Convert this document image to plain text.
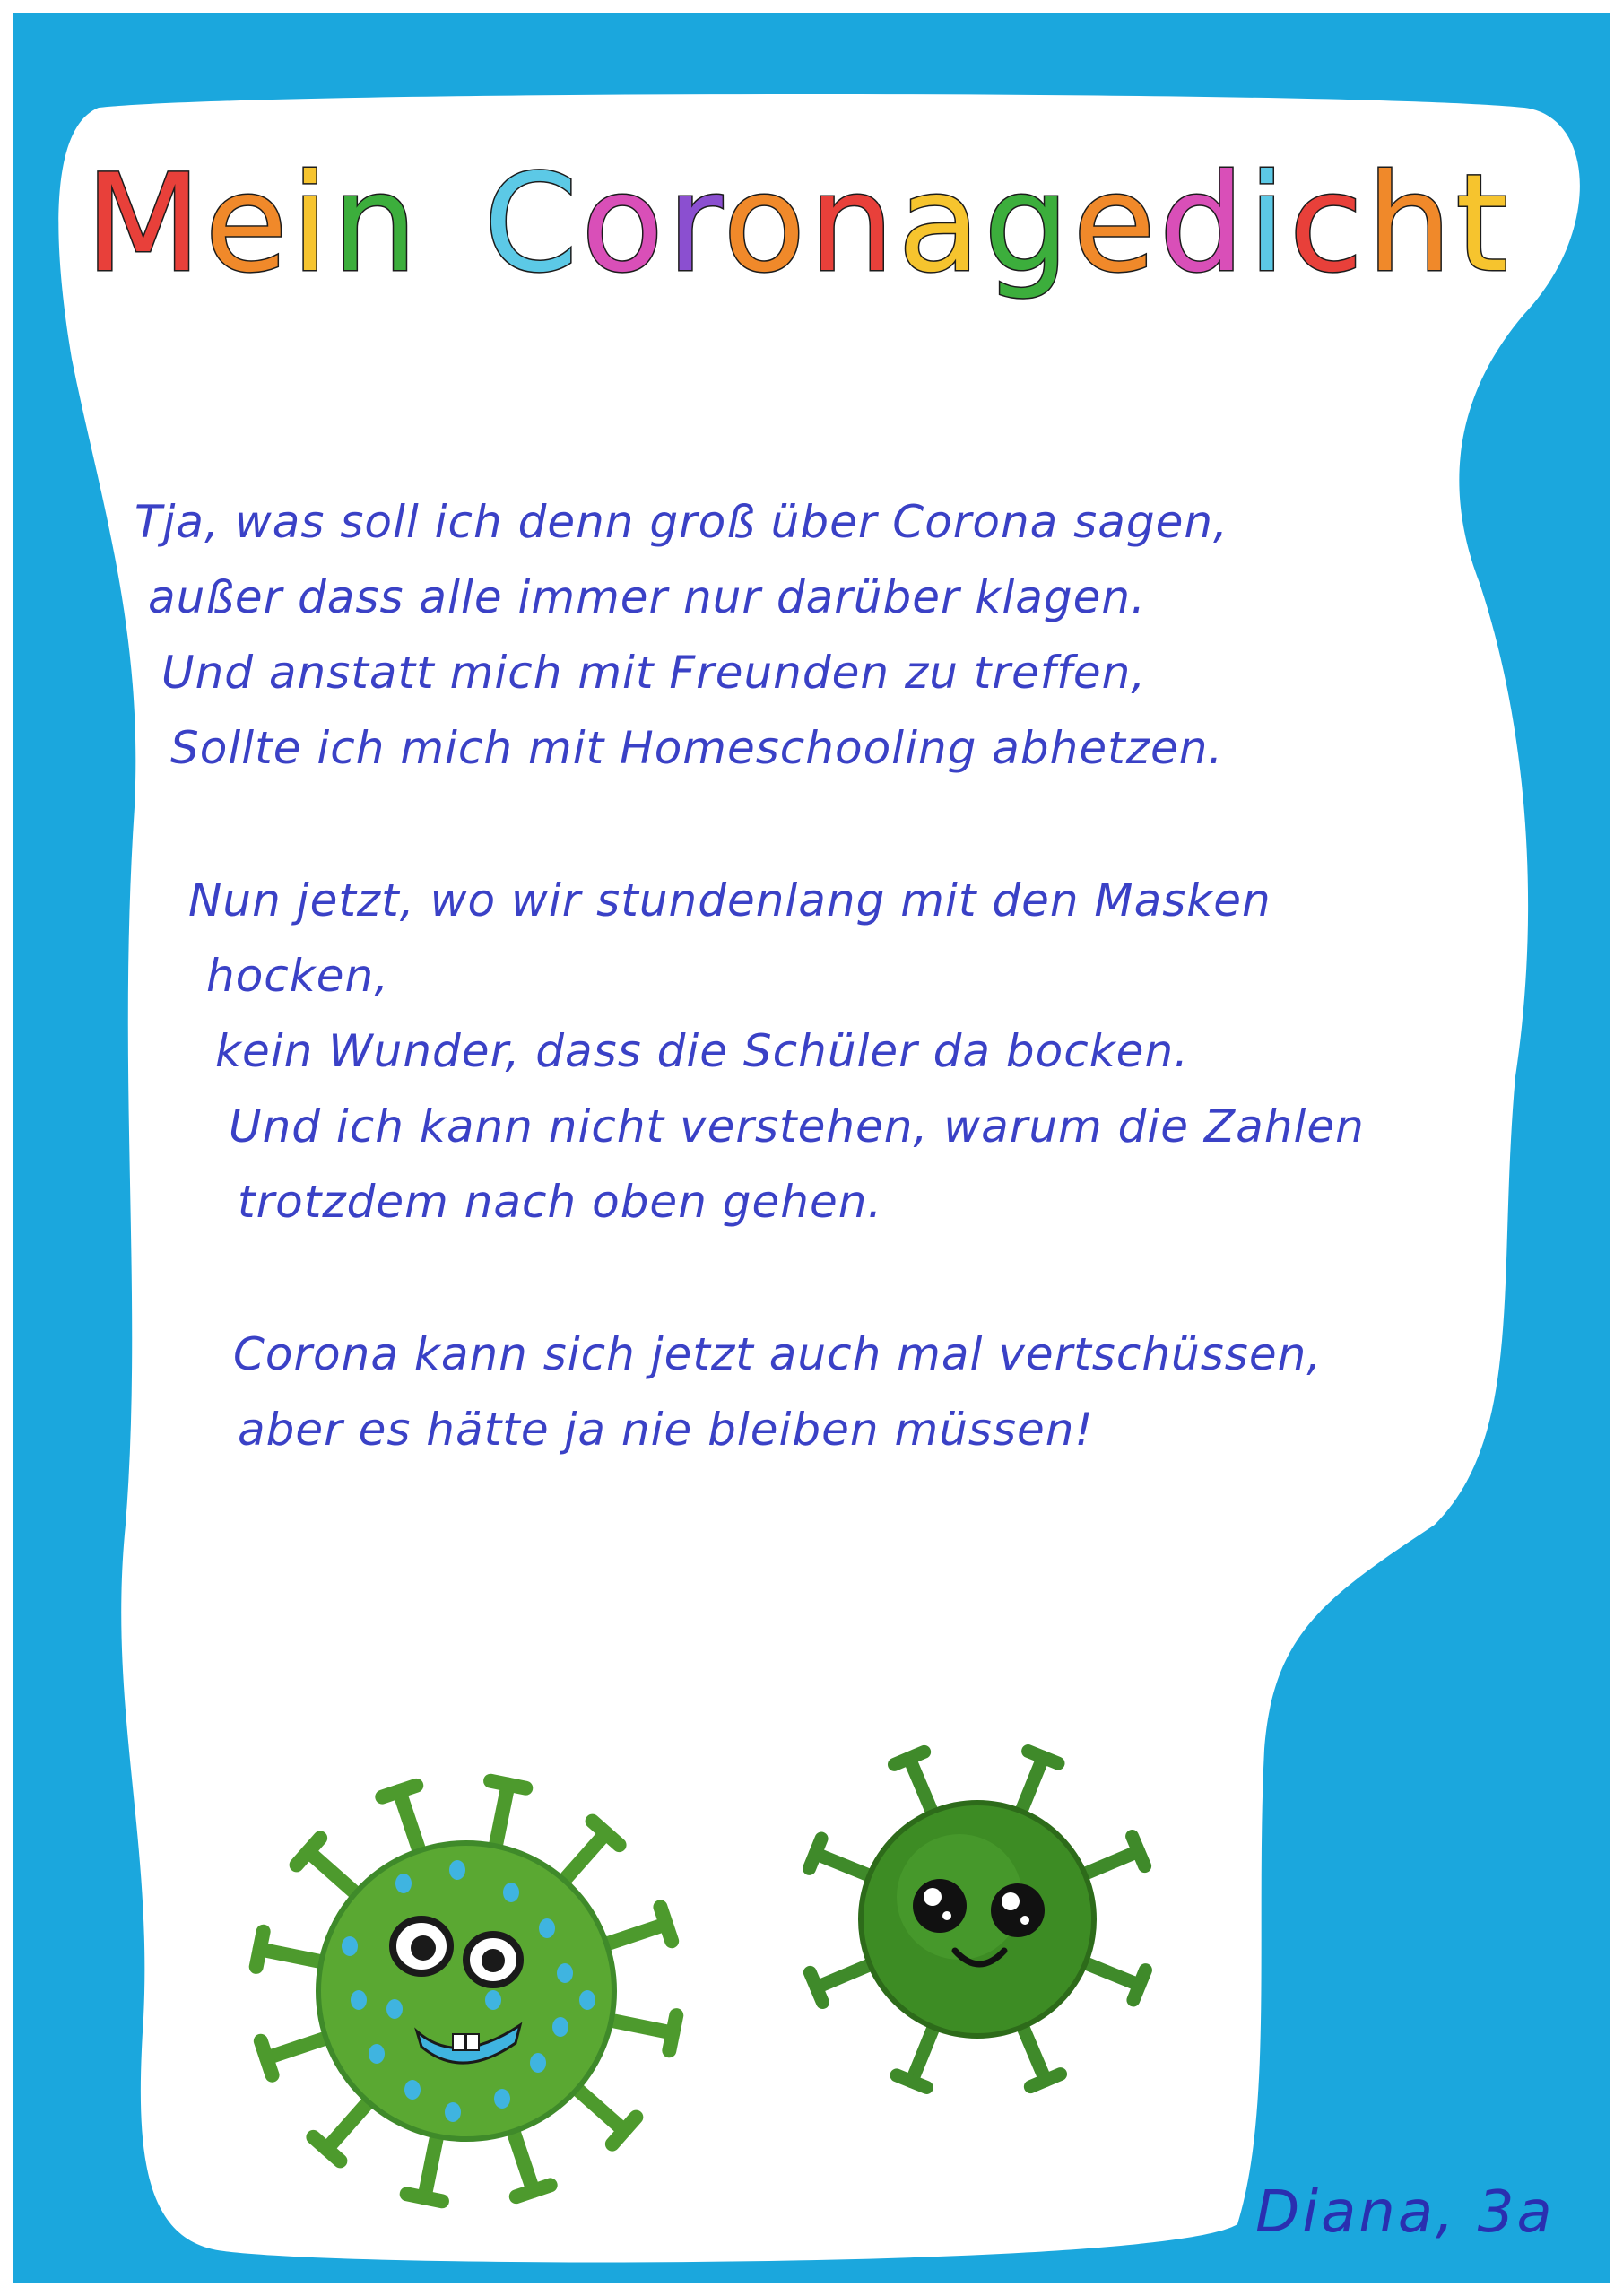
Mein Coronagedicht
Tja, was soll ich denn groß über Corona sagen,
außer dass alle immer nur darüber klagen.
Und anstatt mich mit Freunden zu treffen,
Sollte ich mich mit Homeschooling abhetzen.
Nun jetzt, wo wir stundenlang mit den Masken
hocken,
kein Wunder, dass die Schüler da bocken.
Und ich kann nicht verstehen, warum die Zahlen
trotzdem nach oben gehen.
Corona kann sich jetzt auch mal vertschüssen,
aber es hätte ja nie bleiben müssen!
Diana, 3a
